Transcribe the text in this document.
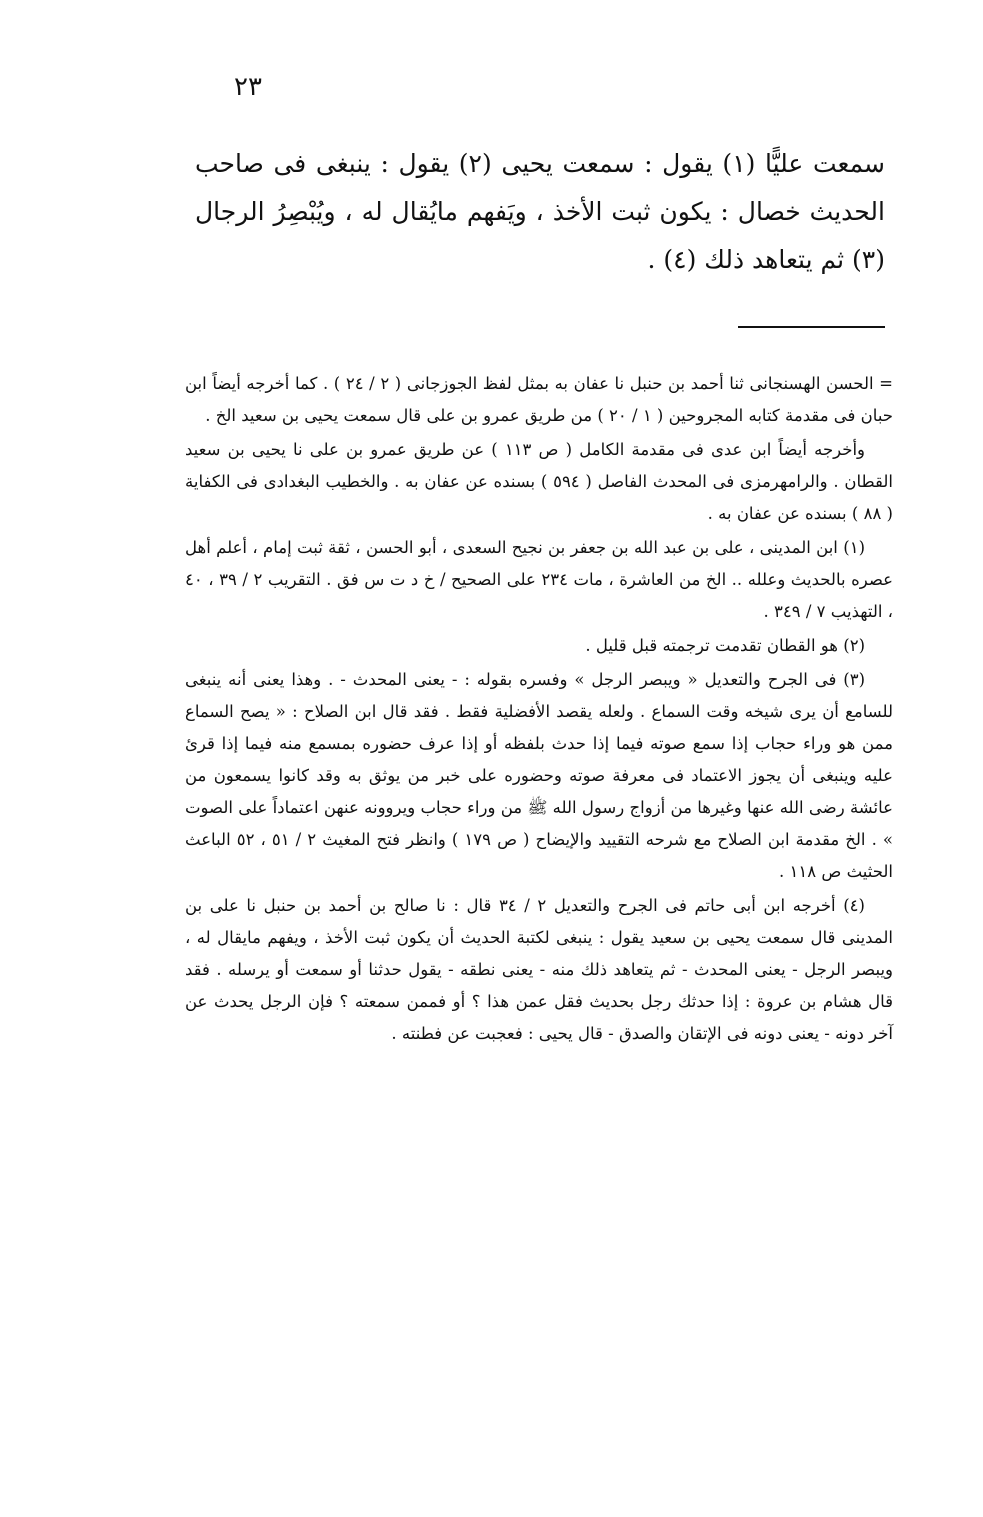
٢٣

سمعت عليًّا (١) يقول : سمعت يحيى (٢) يقول : ينبغى فى صاحب الحديث خصال : يكون ثبت الأخذ ، ويَفهم مايُقال له ، ويُبْصِرُ الرجال (٣) ثم يتعاهد ذلك (٤) .

= الحسن الهسنجانى ثنا أحمد بن حنبل نا عفان به بمثل لفظ الجوزجانى ( ٢ / ٢٤ ) . كما أخرجه أيضاً ابن حبان فى مقدمة كتابه المجروحين ( ١ / ٢٠ ) من طريق عمرو بن على قال سمعت يحيى بن سعيد الخ .

وأخرجه أيضاً ابن عدى فى مقدمة الكامل ( ص ١١٣ ) عن طريق عمرو بن على نا يحيى بن سعيد القطان . والرامهرمزى فى المحدث الفاصل ( ٥٩٤ ) بسنده عن عفان به . والخطيب البغدادى فى الكفاية ( ٨٨ ) بسنده عن عفان به .

(١) ابن المدينى ، على بن عبد الله بن جعفر بن نجيح السعدى ، أبو الحسن ، ثقة ثبت إمام ، أعلم أهل عصره بالحديث وعلله .. الخ من العاشرة ، مات ٢٣٤ على الصحيح / خ د ت س فق . التقريب ٢ / ٣٩ ، ٤٠ ، التهذيب ٧ / ٣٤٩ .

(٢) هو القطان تقدمت ترجمته قبل قليل .

(٣) فى الجرح والتعديل « ويبصر الرجل » وفسره بقوله : - يعنى المحدث - . وهذا يعنى أنه ينبغى للسامع أن يرى شيخه وقت السماع . ولعله يقصد الأفضلية فقط . فقد قال ابن الصلاح : « يصح السماع ممن هو وراء حجاب إذا سمع صوته فيما إذا حدث بلفظه أو إذا عرف حضوره بمسمع منه فيما إذا قرئ عليه وينبغى أن يجوز الاعتماد فى معرفة صوته وحضوره على خبر من يوثق به وقد كانوا يسمعون من عائشة رضى الله عنها وغيرها من أزواج رسول الله ﷺ من وراء حجاب ويروونه عنهن اعتماداً على الصوت » . الخ مقدمة ابن الصلاح مع شرحه التقييد والإيضاح ( ص ١٧٩ ) وانظر فتح المغيث ٢ / ٥١ ، ٥٢ الباعث الحثيث ص ١١٨ .

(٤) أخرجه ابن أبى حاتم فى الجرح والتعديل ٢ / ٣٤ قال : نا صالح بن أحمد بن حنبل نا على بن المدينى قال سمعت يحيى بن سعيد يقول : ينبغى لكتبة الحديث أن يكون ثبت الأخذ ، ويفهم مايقال له ، ويبصر الرجل - يعنى المحدث - ثم يتعاهد ذلك منه - يعنى نطقه - يقول حدثنا أو سمعت أو يرسله . فقد قال هشام بن عروة : إذا حدثك رجل بحديث فقل عمن هذا ؟ أو فممن سمعته ؟ فإن الرجل يحدث عن آخر دونه - يعنى دونه فى الإتقان والصدق - قال يحيى : فعجبت عن فطنته .
